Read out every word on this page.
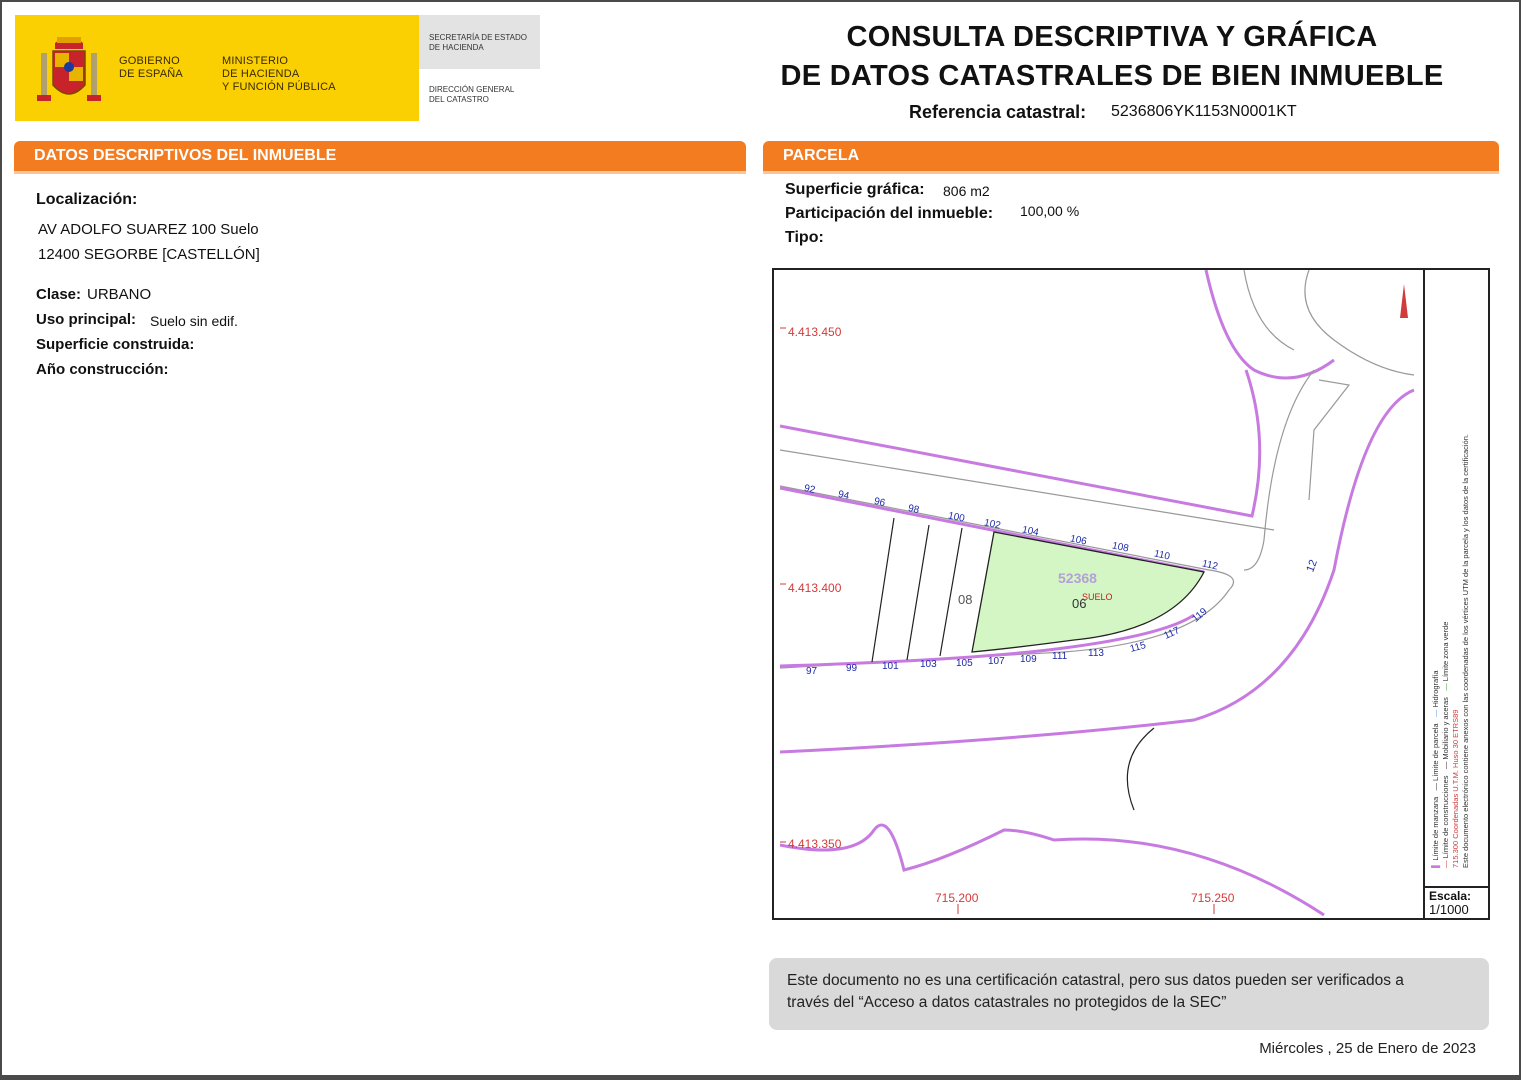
GOBIERNO
DE ESPAÑA
MINISTERIO
DE HACIENDA
Y FUNCIÓN PÚBLICA
SECRETARÍA DE ESTADO
DE HACIENDA
DIRECCIÓN GENERAL
DEL CATASTRO
CONSULTA DESCRIPTIVA Y GRÁFICA
DE DATOS CATASTRALES DE BIEN INMUEBLE
Referencia catastral: 5236806YK1153N0001KT
DATOS DESCRIPTIVOS DEL INMUEBLE
Localización:
AV ADOLFO SUAREZ 100 Suelo
12400 SEGORBE [CASTELLÓN]
Clase: URBANO
Uso principal: Suelo sin edif.
Superficie construida:
Año construcción:
PARCELA
Superficie gráfica: 806 m2
Participación del inmueble: 100,00 %
Tipo:
4.413.450
4.413.400
4.413.350
715.200	715.250
52368
06
SUELO
08
12
92 94
96
98
100 102 104
106 108
110
112
97	99 101 103 105 107 109 111 113 115
117
119
▌ Límite de manzana   — Límite de parcela   — Hidrografía
— Límite de construcciones   — Mobiliario y aceras   — Límite zona verde
715.300 Coordenadas U.T.M. Huso 30 ETRS89 Este documento electrónico contiene anexos con las coordenadas de los vértices UTM de la parcela y los datos de la certificación.
Escala:
1/1000
Este documento no es una certificación catastral, pero sus datos pueden ser verificados a
través del “Acceso a datos catastrales no protegidos de la SEC”
Miércoles , 25 de Enero de 2023
